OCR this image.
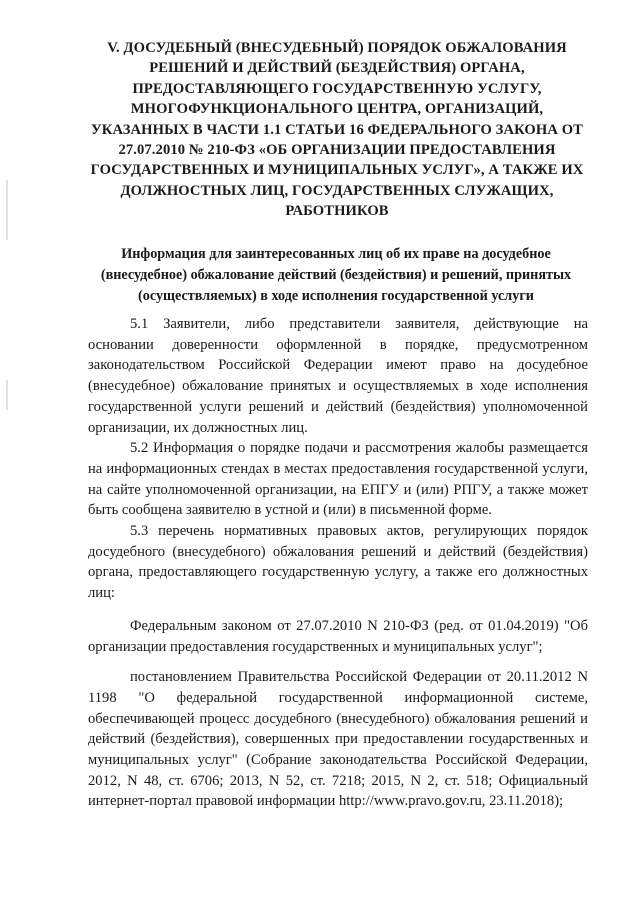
V. ДОСУДЕБНЫЙ (ВНЕСУДЕБНЫЙ) ПОРЯДОК ОБЖАЛОВАНИЯ РЕШЕНИЙ И ДЕЙСТВИЙ (БЕЗДЕЙСТВИЯ) ОРГАНА, ПРЕДОСТАВЛЯЮЩЕГО ГОСУДАРСТВЕННУЮ УСЛУГУ, МНОГОФУНКЦИОНАЛЬНОГО ЦЕНТРА, ОРГАНИЗАЦИЙ, УКАЗАННЫХ В ЧАСТИ 1.1 СТАТЬИ 16 ФЕДЕРАЛЬНОГО ЗАКОНА ОТ 27.07.2010 № 210-ФЗ «ОБ ОРГАНИЗАЦИИ ПРЕДОСТАВЛЕНИЯ ГОСУДАРСТВЕННЫХ И МУНИЦИПАЛЬНЫХ УСЛУГ», А ТАКЖЕ ИХ ДОЛЖНОСТНЫХ ЛИЦ, ГОСУДАРСТВЕННЫХ СЛУЖАЩИХ, РАБОТНИКОВ
Информация для заинтересованных лиц об их праве на досудебное (внесудебное) обжалование действий (бездействия) и решений, принятых (осуществляемых) в ходе исполнения государственной услуги

5.1 Заявители, либо представители заявителя, действующие на основании доверенности оформленной в порядке, предусмотренном законодательством Российской Федерации имеют право на досудебное (внесудебное) обжалование принятых и осуществляемых в ходе исполнения государственной услуги решений и действий (бездействия) уполномоченной организации, их должностных лиц.

5.2 Информация о порядке подачи и рассмотрения жалобы размещается на информационных стендах в местах предоставления государственной услуги, на сайте уполномоченной организации, на ЕПГУ и (или) РПГУ, а также может быть сообщена заявителю в устной и (или) в письменной форме.

5.3 перечень нормативных правовых актов, регулирующих порядок досудебного (внесудебного) обжалования решений и действий (бездействия) органа, предоставляющего государственную услугу, а также его должностных лиц:

Федеральным законом от 27.07.2010 N 210-ФЗ (ред. от 01.04.2019) "Об организации предоставления государственных и муниципальных услуг";

постановлением Правительства Российской Федерации от 20.11.2012 N 1198 "О федеральной государственной информационной системе, обеспечивающей процесс досудебного (внесудебного) обжалования решений и действий (бездействия), совершенных при предоставлении государственных и муниципальных услуг" (Собрание законодательства Российской Федерации, 2012, N 48, ст. 6706; 2013, N 52, ст. 7218; 2015, N 2, ст. 518; Официальный интернет-портал правовой информации http://www.pravo.gov.ru, 23.11.2018);
